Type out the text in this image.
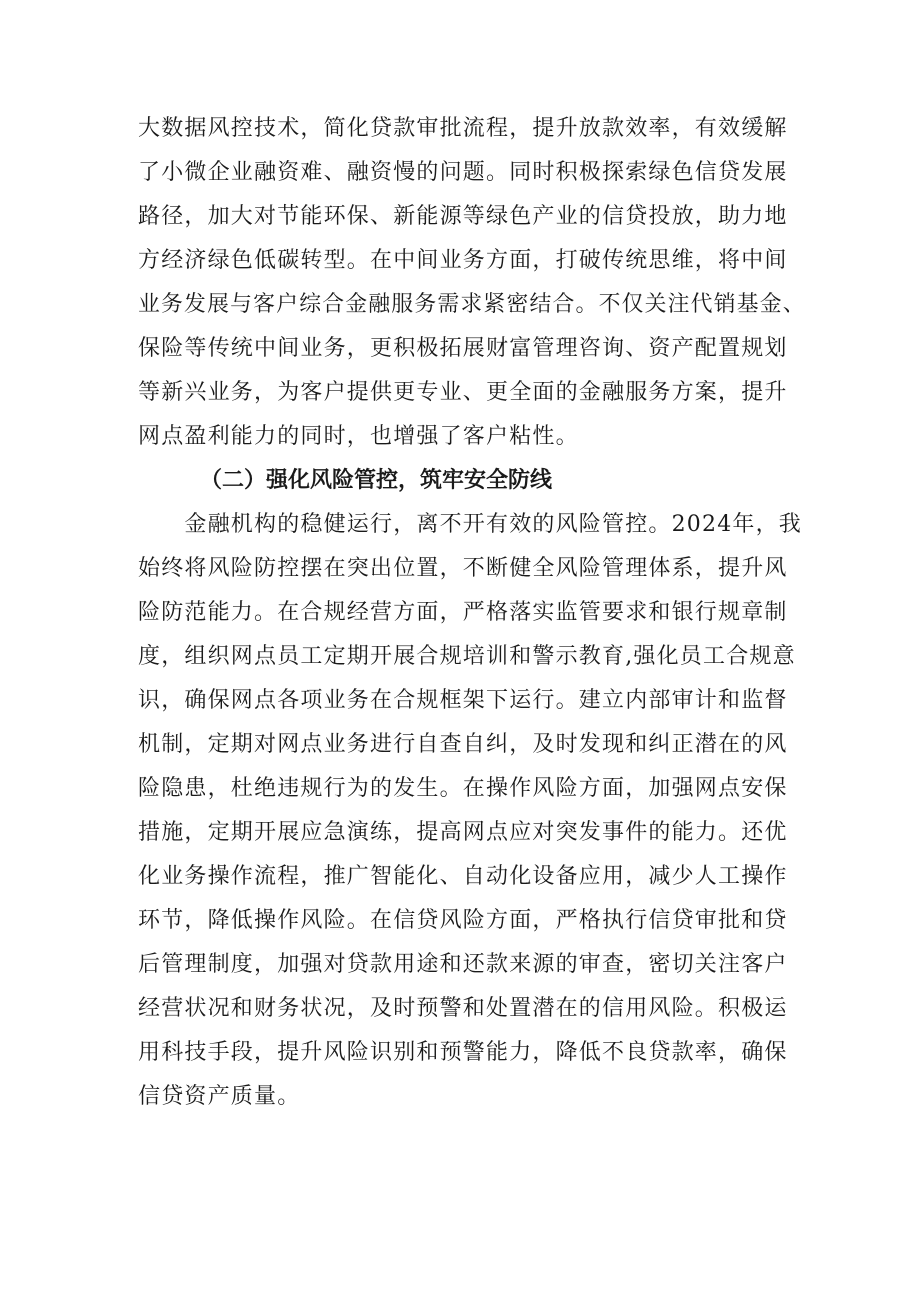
大数据风控技术，简化贷款审批流程，提升放款效率，有效缓解
了小微企业融资难、融资慢的问题。同时积极探索绿色信贷发展
路径，加大对节能环保、新能源等绿色产业的信贷投放，助力地
方经济绿色低碳转型。在中间业务方面，打破传统思维，将中间
业务发展与客户综合金融服务需求紧密结合。不仅关注代销基金、
保险等传统中间业务，更积极拓展财富管理咨询、资产配置规划
等新兴业务，为客户提供更专业、更全面的金融服务方案，提升
网点盈利能力的同时，也增强了客户粘性。
（二）强化风险管控，筑牢安全防线
　　金融机构的稳健运行，离不开有效的风险管控。2024年，我
始终将风险防控摆在突出位置，不断健全风险管理体系，提升风
险防范能力。在合规经营方面，严格落实监管要求和银行规章制
度，组织网点员工定期开展合规培训和警示教育,强化员工合规意
识，确保网点各项业务在合规框架下运行。建立内部审计和监督
机制，定期对网点业务进行自查自纠，及时发现和纠正潜在的风
险隐患，杜绝违规行为的发生。在操作风险方面，加强网点安保
措施，定期开展应急演练，提高网点应对突发事件的能力。还优
化业务操作流程，推广智能化、自动化设备应用，减少人工操作
环节，降低操作风险。在信贷风险方面，严格执行信贷审批和贷
后管理制度，加强对贷款用途和还款来源的审查，密切关注客户
经营状况和财务状况，及时预警和处置潜在的信用风险。积极运
用科技手段，提升风险识别和预警能力，降低不良贷款率，确保
信贷资产质量。
